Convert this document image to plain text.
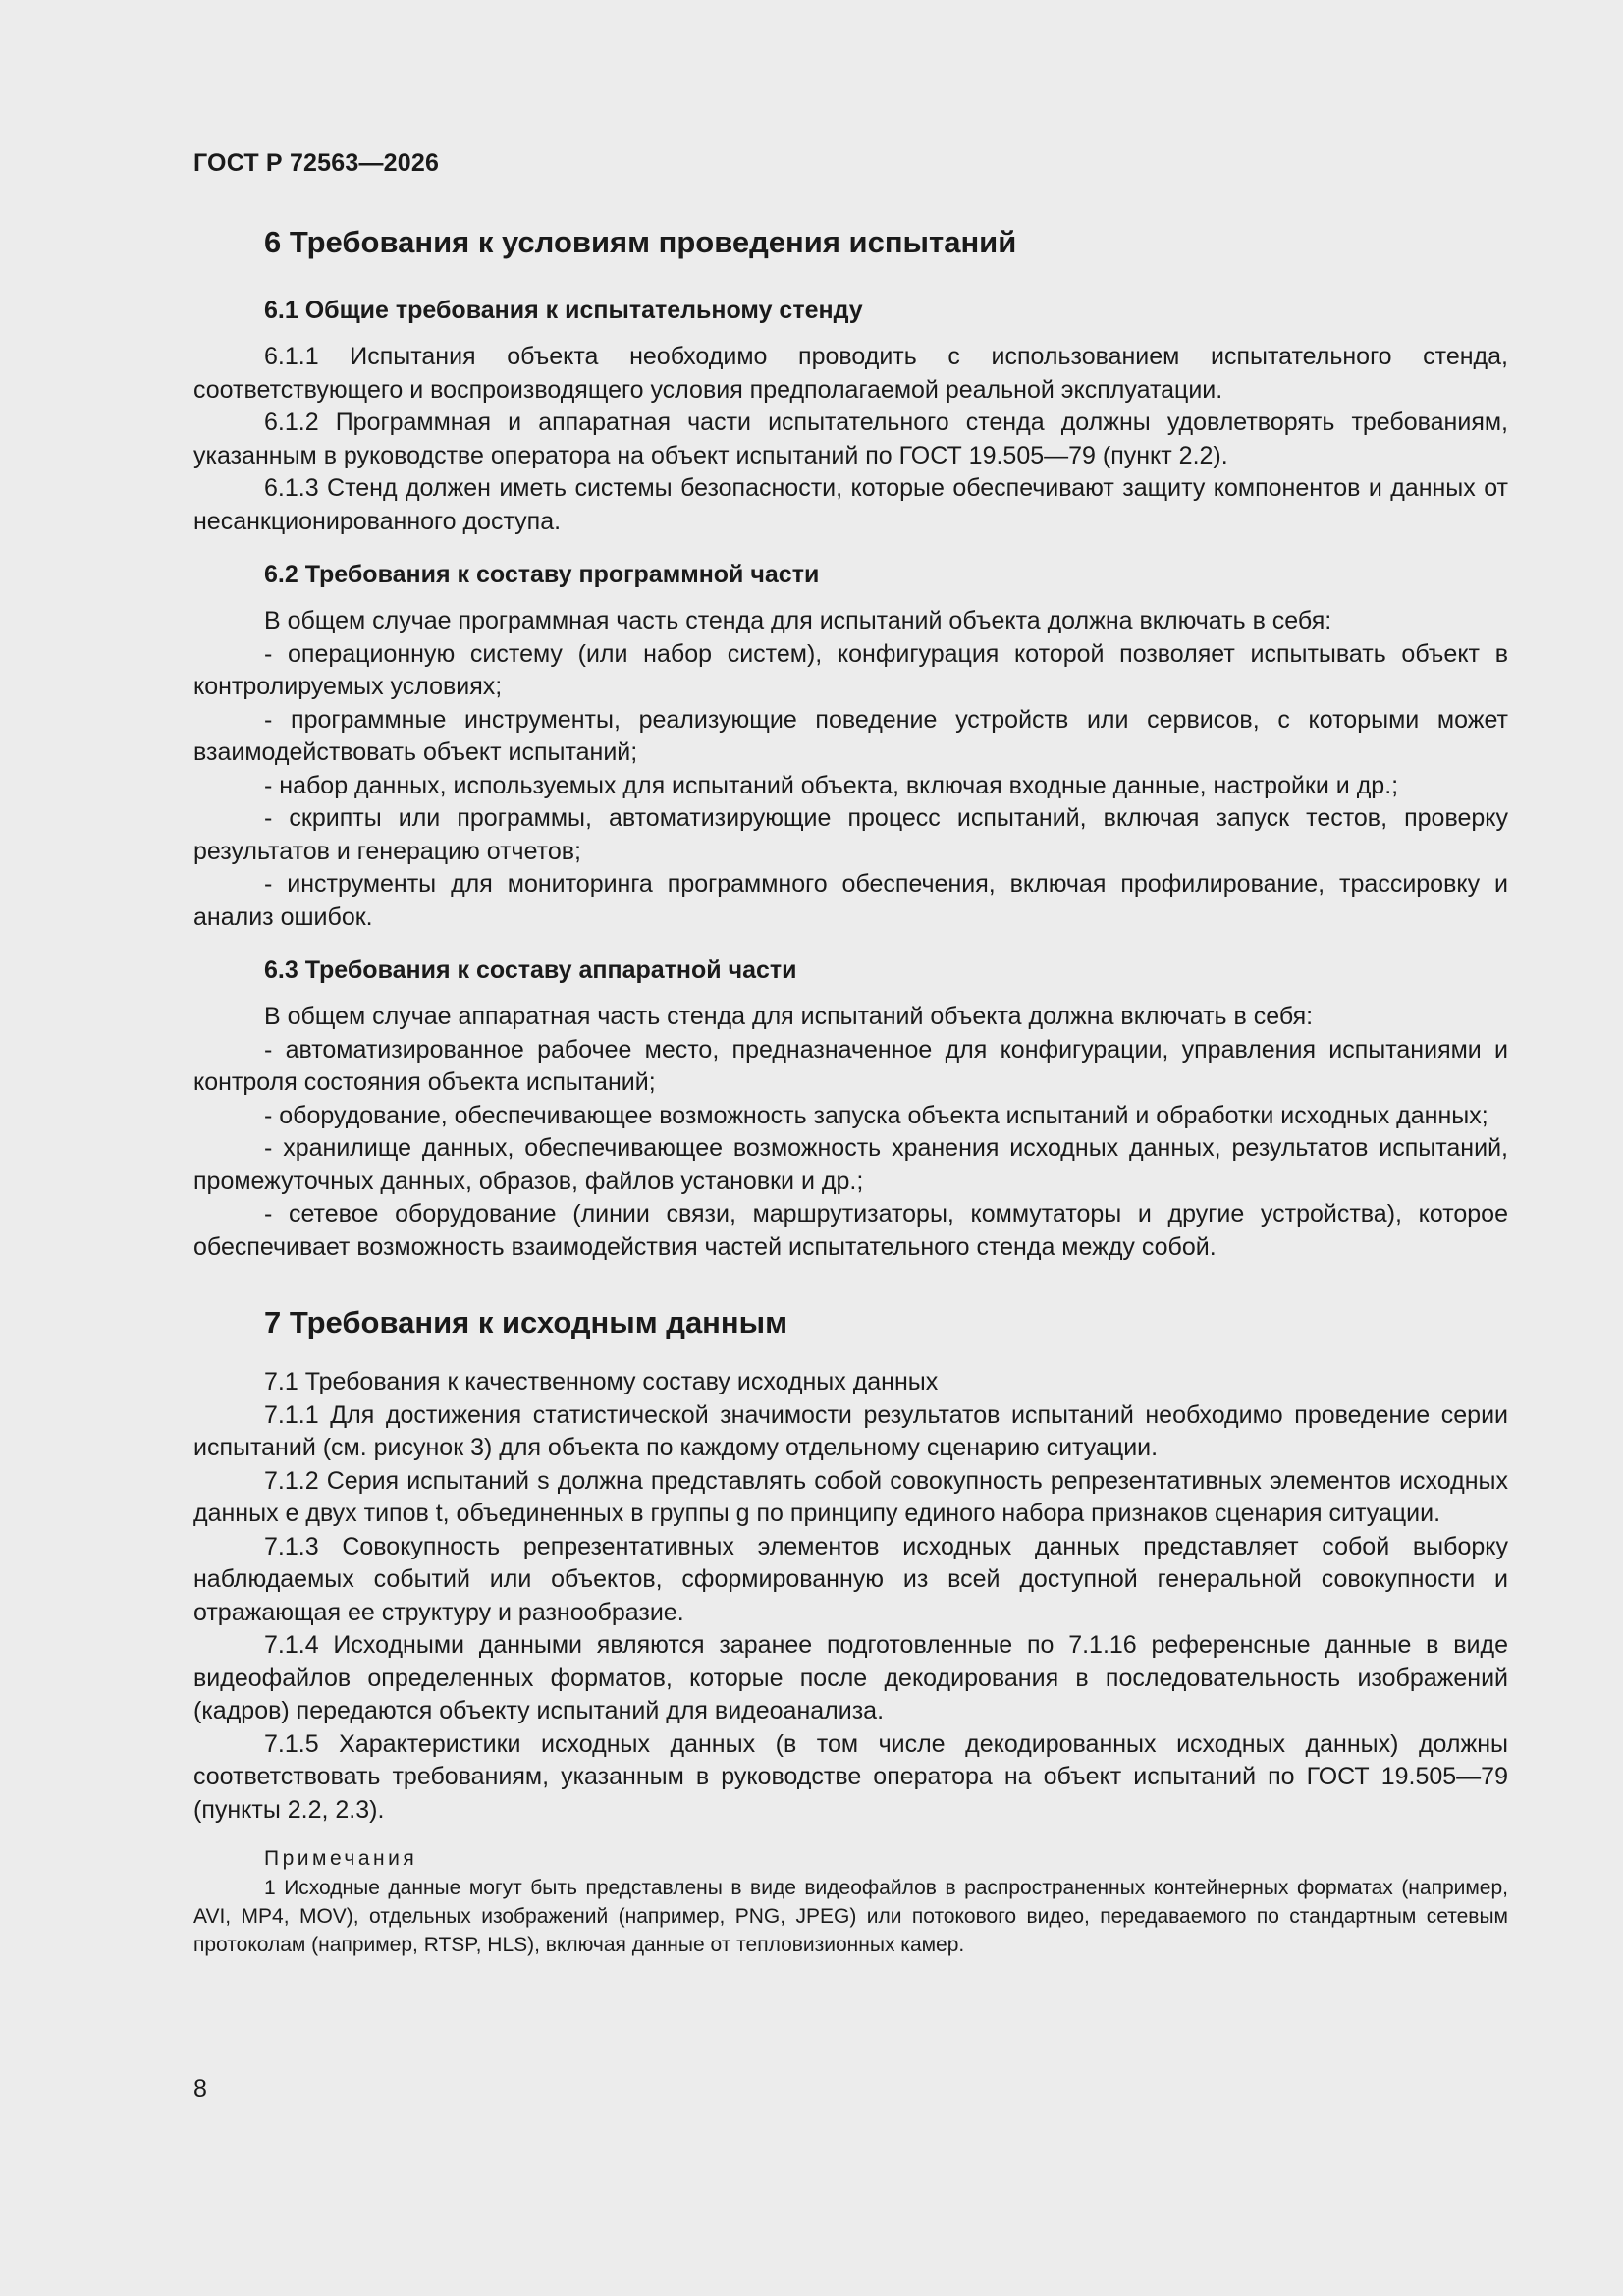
ГОСТ Р 72563—2026
6 Требования к условиям проведения испытаний
6.1 Общие требования к испытательному стенду

6.1.1 Испытания объекта необходимо проводить с использованием испытательного стенда, соответствующего и воспроизводящего условия предполагаемой реальной эксплуатации.

6.1.2 Программная и аппаратная части испытательного стенда должны удовлетворять требованиям, указанным в руководстве оператора на объект испытаний по ГОСТ 19.505—79 (пункт 2.2).

6.1.3 Стенд должен иметь системы безопасности, которые обеспечивают защиту компонентов и данных от несанкционированного доступа.

6.2 Требования к составу программной части

В общем случае программная часть стенда для испытаний объекта должна включать в себя:

- операционную систему (или набор систем), конфигурация которой позволяет испытывать объект в контролируемых условиях;

- программные инструменты, реализующие поведение устройств или сервисов, с которыми может взаимодействовать объект испытаний;

- набор данных, используемых для испытаний объекта, включая входные данные, настройки и др.;

- скрипты или программы, автоматизирующие процесс испытаний, включая запуск тестов, проверку результатов и генерацию отчетов;

- инструменты для мониторинга программного обеспечения, включая профилирование, трассировку и анализ ошибок.

6.3 Требования к составу аппаратной части

В общем случае аппаратная часть стенда для испытаний объекта должна включать в себя:

- автоматизированное рабочее место, предназначенное для конфигурации, управления испытаниями и контроля состояния объекта испытаний;

- оборудование, обеспечивающее возможность запуска объекта испытаний и обработки исходных данных;

- хранилище данных, обеспечивающее возможность хранения исходных данных, результатов испытаний, промежуточных данных, образов, файлов установки и др.;

- сетевое оборудование (линии связи, маршрутизаторы, коммутаторы и другие устройства), которое обеспечивает возможность взаимодействия частей испытательного стенда между собой.

7 Требования к исходным данным

7.1 Требования к качественному составу исходных данных

7.1.1 Для достижения статистической значимости результатов испытаний необходимо проведение серии испытаний (см. рисунок 3) для объекта по каждому отдельному сценарию ситуации.

7.1.2 Серия испытаний s должна представлять собой совокупность репрезентативных элементов исходных данных e двух типов t, объединенных в группы g по принципу единого набора признаков сценария ситуации.

7.1.3 Совокупность репрезентативных элементов исходных данных представляет собой выборку наблюдаемых событий или объектов, сформированную из всей доступной генеральной совокупности и отражающая ее структуру и разнообразие.

7.1.4 Исходными данными являются заранее подготовленные по 7.1.16 референсные данные в виде видеофайлов определенных форматов, которые после декодирования в последовательность изображений (кадров) передаются объекту испытаний для видеоанализа.

7.1.5 Характеристики исходных данных (в том числе декодированных исходных данных) должны соответствовать требованиям, указанным в руководстве оператора на объект испытаний по ГОСТ 19.505—79 (пункты 2.2, 2.3).

Примечания

1 Исходные данные могут быть представлены в виде видеофайлов в распространенных контейнерных форматах (например, AVI, MP4, MOV), отдельных изображений (например, PNG, JPEG) или потокового видео, передаваемого по стандартным сетевым протоколам (например, RTSP, HLS), включая данные от тепловизионных камер.

8
